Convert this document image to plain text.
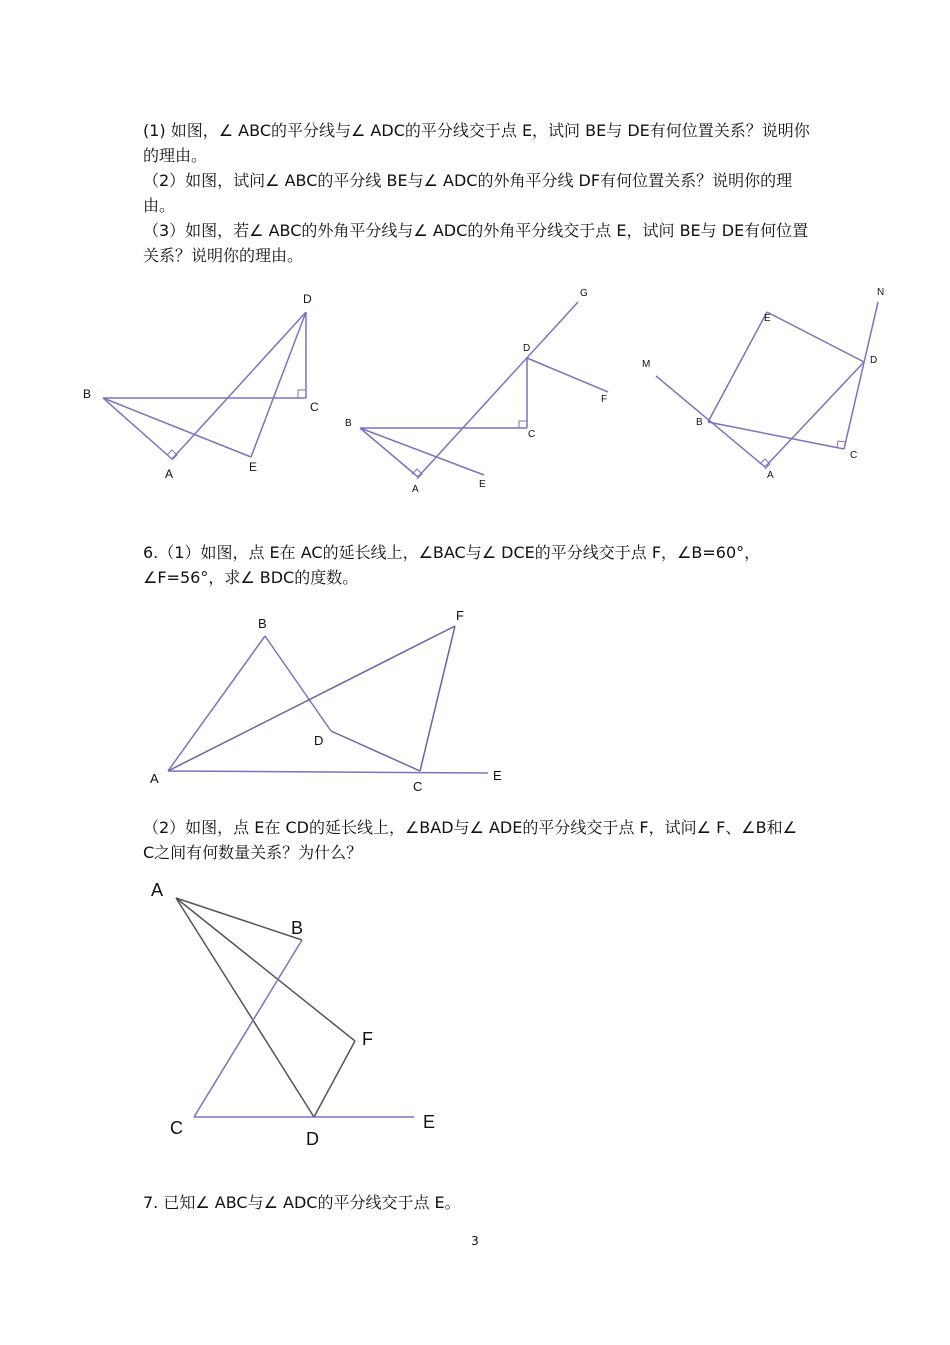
(1) 如图，∠ ABC的平分线与∠ ADC的平分线交于点 E，试问 BE与 DE有何位置关系？说明你的理由。

（2）如图，试问∠ ABC的平分线 BE与∠ ADC的外角平分线 DF有何位置关系？说明你的理由。

（3）如图，若∠ ABC的外角平分线与∠ ADC的外角平分线交于点 E，试问 BE与 DE有何位置关系？说明你的理由。

D
B
C
A	E
G
D
F
B
C
A	E
N
E
M	D
B
C
A
B
F
D
A
C
E
A
B
F
C
D
E

6.（1）如图，点 E在 AC的延长线上，∠BAC与∠ DCE的平分线交于点 F，∠B=60°，∠F=56°，求∠ BDC的度数。

（2）如图，点 E在 CD的延长线上，∠BAD与∠ ADE的平分线交于点 F，试问∠ F、∠B和∠ C之间有何数量关系？为什么？

7. 已知∠ ABC与∠ ADC的平分线交于点 E。

3
